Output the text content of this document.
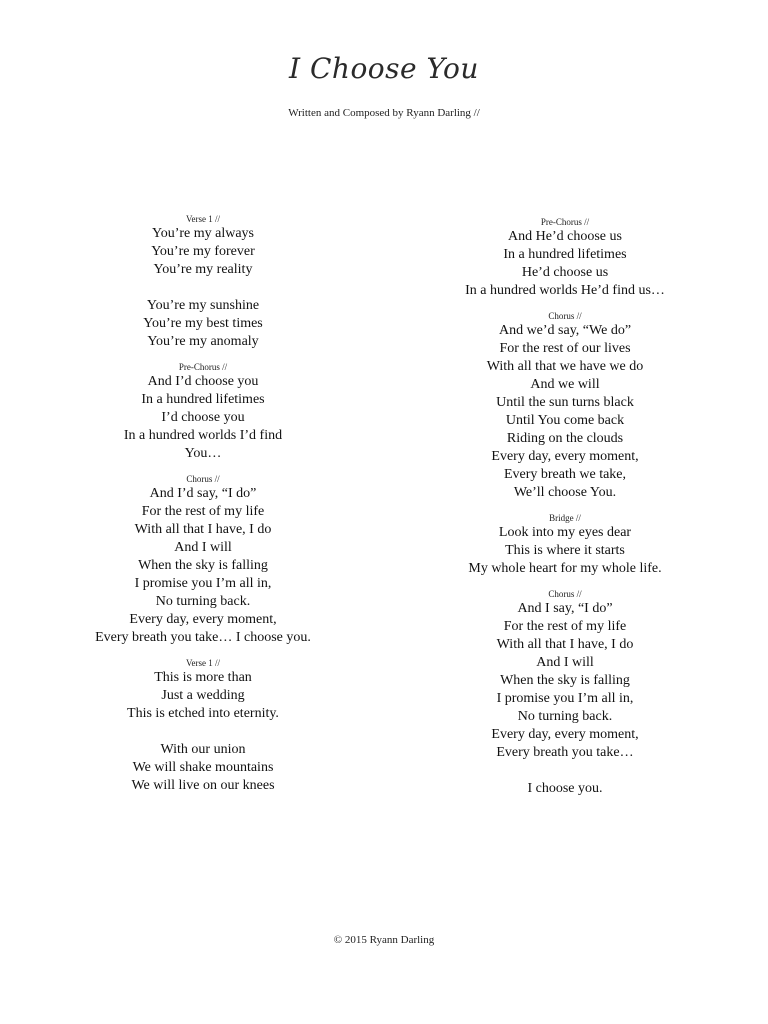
I Choose You

Written and Composed by Ryann Darling //

Verse 1 //
You’re my always
You’re my forever
You’re my reality
You’re my sunshine
You’re my best times
You’re my anomaly
Pre-Chorus //
And I’d choose you
In a hundred lifetimes
I’d choose you
In a hundred worlds I’d find
You…
Chorus //
And I’d say, “I do”
For the rest of my life
With all that I have, I do
And I will
When the sky is falling
I promise you I’m all in,
No turning back.
Every day, every moment,
Every breath you take… I choose you.
Verse 1 //
This is more than
Just a wedding
This is etched into eternity.
With our union
We will shake mountains
We will live on our knees
Pre-Chorus //
And He’d choose us
In a hundred lifetimes
He’d choose us
In a hundred worlds He’d find us…
Chorus //
And we’d say, “We do”
For the rest of our lives
With all that we have we do
And we will
Until the sun turns black
Until You come back
Riding on the clouds
Every day, every moment,
Every breath we take,
We’ll choose You.
Bridge //
Look into my eyes dear
This is where it starts
My whole heart for my whole life.
Chorus //
And I say, “I do”
For the rest of my life
With all that I have, I do
And I will
When the sky is falling
I promise you I’m all in,
No turning back.
Every day, every moment,
Every breath you take…
I choose you.
© 2015 Ryann Darling
